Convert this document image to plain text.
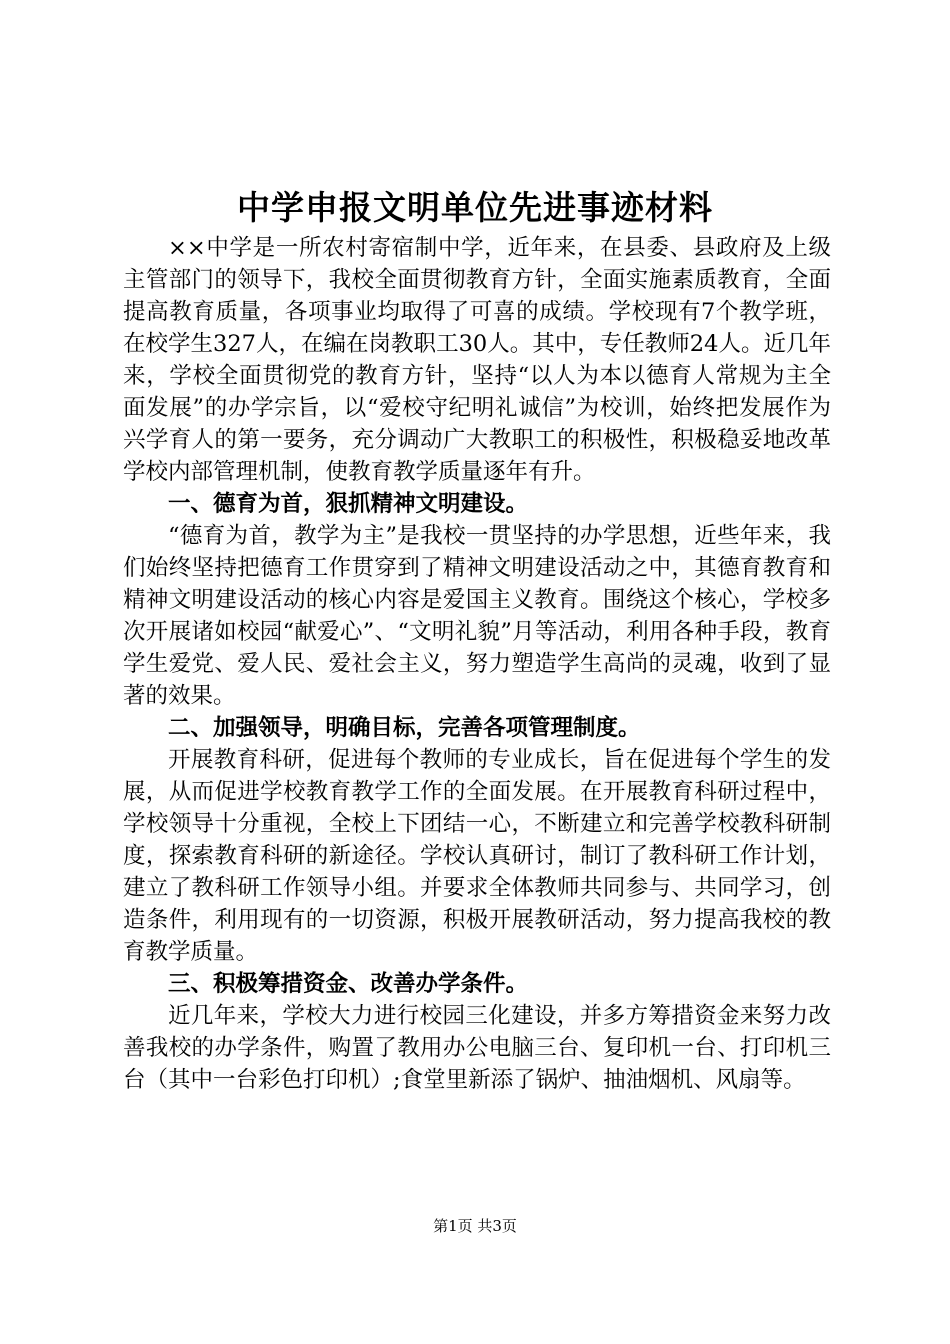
中学申报文明单位先进事迹材料

××中学是一所农村寄宿制中学，近年来，在县委、县政府及上级主管部门的领导下，我校全面贯彻教育方针，全面实施素质教育，全面提高教育质量，各项事业均取得了可喜的成绩。学校现有7个教学班，在校学生327人，在编在岗教职工30人。其中，专任教师24人。近几年来，学校全面贯彻党的教育方针，坚持“以人为本以德育人常规为主全面发展”的办学宗旨，以“爱校守纪明礼诚信”为校训，始终把发展作为兴学育人的第一要务，充分调动广大教职工的积极性，积极稳妥地改革学校内部管理机制，使教育教学质量逐年有升。

一、德育为首，狠抓精神文明建设。

“德育为首，教学为主”是我校一贯坚持的办学思想，近些年来，我们始终坚持把德育工作贯穿到了精神文明建设活动之中，其德育教育和精神文明建设活动的核心内容是爱国主义教育。围绕这个核心，学校多次开展诸如校园“献爱心”、“文明礼貌”月等活动，利用各种手段，教育学生爱党、爱人民、爱社会主义，努力塑造学生高尚的灵魂，收到了显著的效果。

二、加强领导，明确目标，完善各项管理制度。

开展教育科研，促进每个教师的专业成长，旨在促进每个学生的发展，从而促进学校教育教学工作的全面发展。在开展教育科研过程中，学校领导十分重视，全校上下团结一心，不断建立和完善学校教科研制度，探索教育科研的新途径。学校认真研讨，制订了教科研工作计划，建立了教科研工作领导小组。并要求全体教师共同参与、共同学习，创造条件，利用现有的一切资源，积极开展教研活动，努力提高我校的教育教学质量。

三、积极筹措资金、改善办学条件。

近几年来，学校大力进行校园三化建设，并多方筹措资金来努力改善我校的办学条件，购置了教用办公电脑三台、复印机一台、打印机三台（其中一台彩色打印机）;食堂里新添了锅炉、抽油烟机、风扇等。

第1页 共3页
